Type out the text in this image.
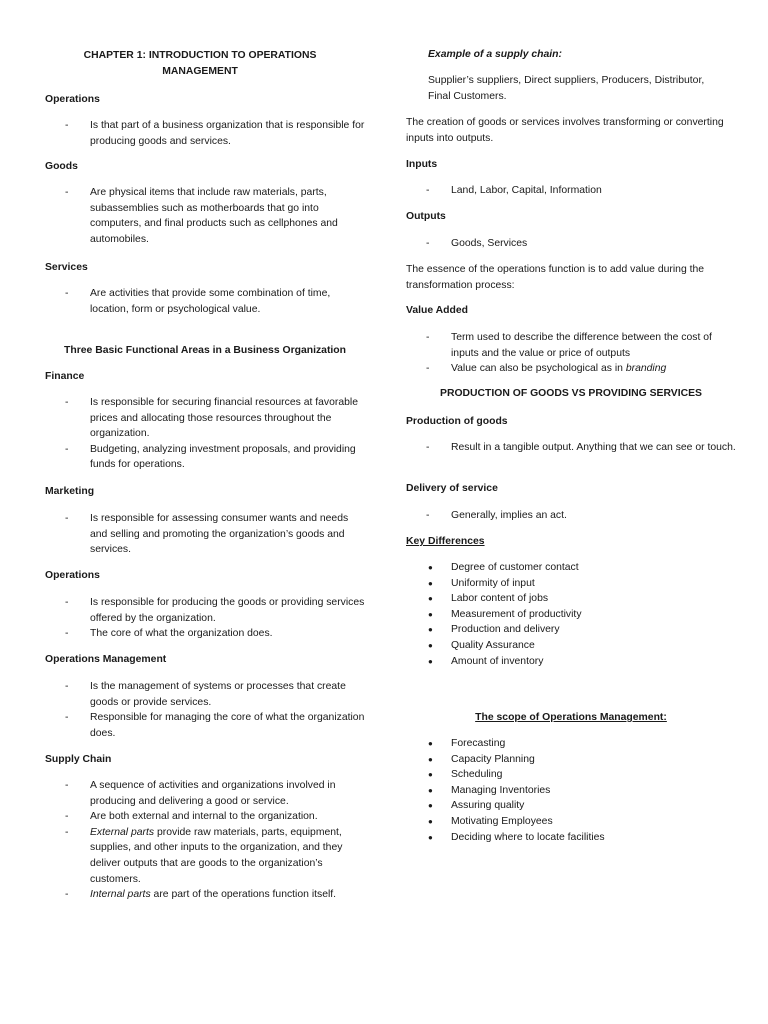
CHAPTER 1: INTRODUCTION TO OPERATIONS MANAGEMENT
Operations
- Is that part of a business organization that is responsible for producing goods and services.
Goods
- Are physical items that include raw materials, parts, subassemblies such as motherboards that go into computers, and final products such as cellphones and automobiles.
Services
- Are activities that provide some combination of time, location, form or psychological value.
Three Basic Functional Areas in a Business Organization
Finance
- Is responsible for securing financial resources at favorable prices and allocating those resources throughout the organization.
- Budgeting, analyzing investment proposals, and providing funds for operations.
Marketing
- Is responsible for assessing consumer wants and needs and selling and promoting the organization’s goods and services.
Operations
- Is responsible for producing the goods or providing services offered by the organization.
- The core of what the organization does.
Operations Management
- Is the management of systems or processes that create goods or provide services.
- Responsible for managing the core of what the organization does.
Supply Chain
- A sequence of activities and organizations involved in producing and delivering a good or service.
- Are both external and internal to the organization.
- External parts provide raw materials, parts, equipment, supplies, and other inputs to the organization, and they deliver outputs that are goods to the organization’s customers.
- Internal parts are part of the operations function itself.
Example of a supply chain:
Supplier’s suppliers, Direct suppliers, Producers, Distributor, Final Customers.
The creation of goods or services involves transforming or converting inputs into outputs.
Inputs
- Land, Labor, Capital, Information
Outputs
- Goods, Services
The essence of the operations function is to add value during the transformation process:
Value Added
- Term used to describe the difference between the cost of inputs and the value or price of outputs
- Value can also be psychological as in branding
PRODUCTION OF GOODS VS PROVIDING SERVICES
Production of goods
- Result in a tangible output. Anything that we can see or touch.
Delivery of service
- Generally, implies an act.
Key Differences
● Degree of customer contact
● Uniformity of input
● Labor content of jobs
● Measurement of productivity
● Production and delivery
● Quality Assurance
● Amount of inventory
The scope of Operations Management:
● Forecasting
● Capacity Planning
● Scheduling
● Managing Inventories
● Assuring quality
● Motivating Employees
● Deciding where to locate facilities
